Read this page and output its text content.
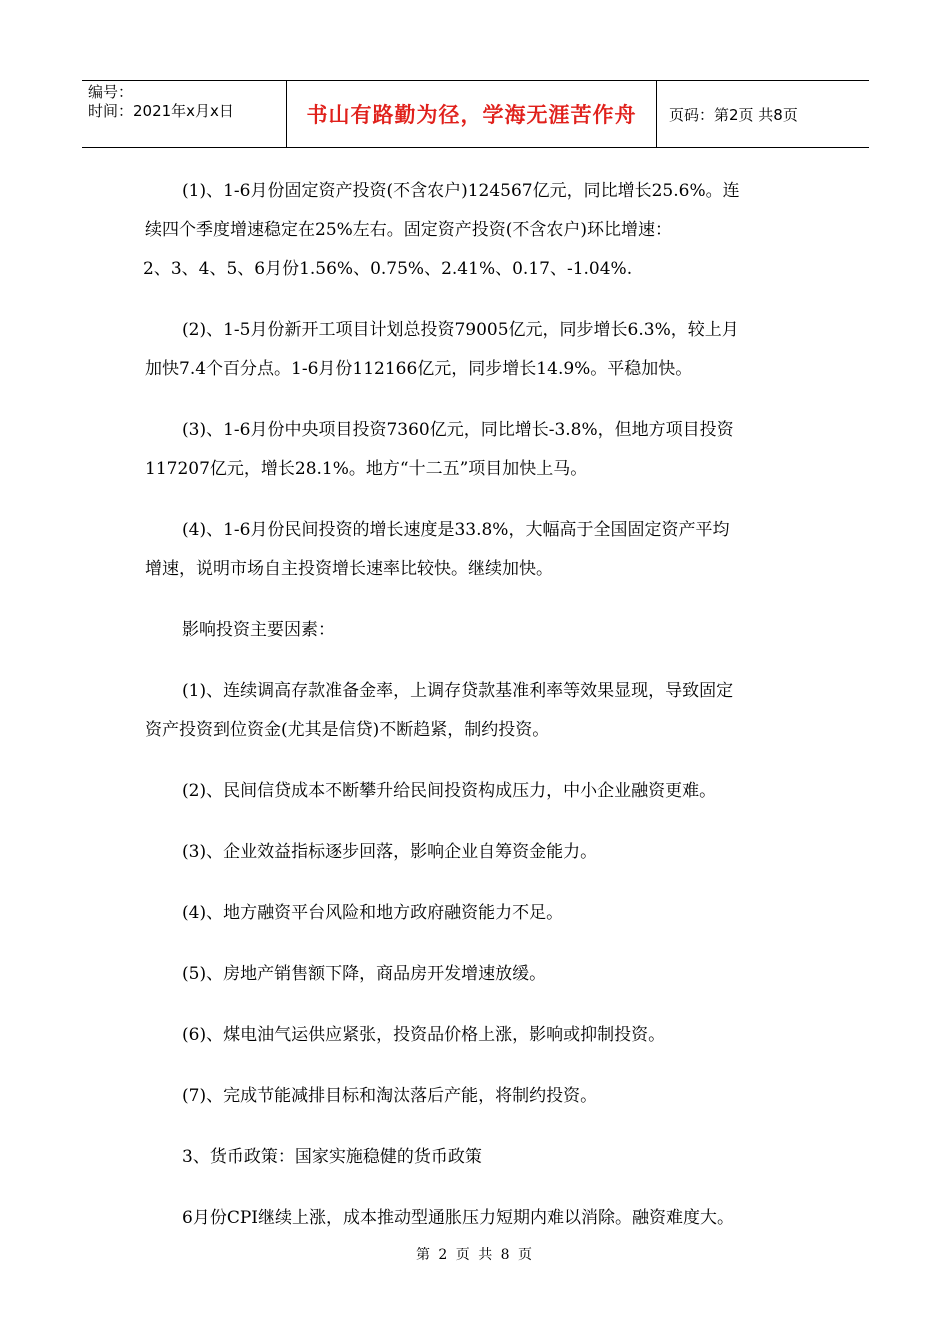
编号：
时间：2021年x月x日	书山有路勤为径，学海无涯苦作舟 页码：第2页 共8页
(1)、1-6月份固定资产投资(不含农户)124567亿元，同比增长25.6%。连
续四个季度增速稳定在25%左右。固定资产投资(不含农户)环比增速：
2、3、4、5、6月份1.56%、0.75%、2.41%、0.17、-1.04%.
(2)、1-5月份新开工项目计划总投资79005亿元，同步增长6.3%，较上月
加快7.4个百分点。1-6月份112166亿元，同步增长14.9%。平稳加快。
(3)、1-6月份中央项目投资7360亿元，同比增长-3.8%，但地方项目投资
117207亿元，增长28.1%。地方“十二五”项目加快上马。
(4)、1-6月份民间投资的增长速度是33.8%，大幅高于全国固定资产平均
增速，说明市场自主投资增长速率比较快。继续加快。
影响投资主要因素：
(1)、连续调高存款准备金率，上调存贷款基准利率等效果显现，导致固定
资产投资到位资金(尤其是信贷)不断趋紧，制约投资。
(2)、民间信贷成本不断攀升给民间投资构成压力，中小企业融资更难。
(3)、企业效益指标逐步回落，影响企业自筹资金能力。
(4)、地方融资平台风险和地方政府融资能力不足。
(5)、房地产销售额下降，商品房开发增速放缓。
(6)、煤电油气运供应紧张，投资品价格上涨，影响或抑制投资。
(7)、完成节能减排目标和淘汰落后产能，将制约投资。
3、货币政策：国家实施稳健的货币政策
6月份CPI继续上涨，成本推动型通胀压力短期内难以消除。融资难度大。
第 2 页 共 8 页
